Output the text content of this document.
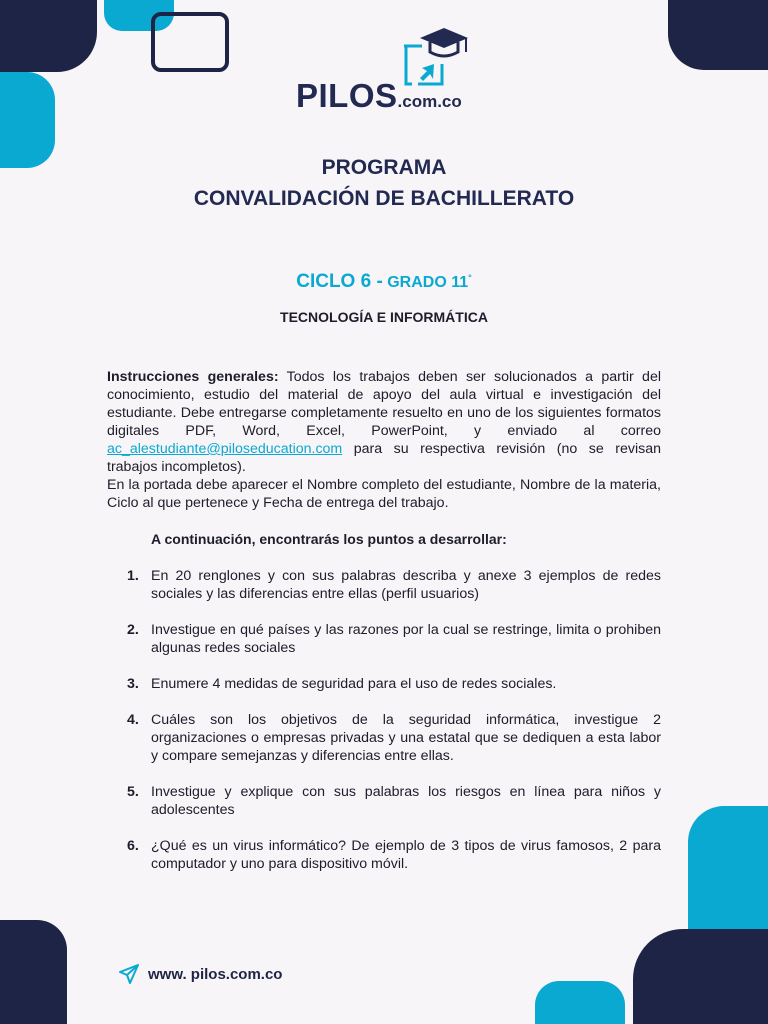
PILOS.com.co
PROGRAMA
CONVALIDACIÓN DE BACHILLERATO
CICLO 6 - GRADO 11°
TECNOLOGÍA E INFORMÁTICA
Instrucciones generales: Todos los trabajos deben ser solucionados a partir del conocimiento, estudio del material de apoyo del aula virtual e investigación del estudiante. Debe entregarse completamente resuelto en uno de los siguientes formatos digitales PDF, Word, Excel, PowerPoint, y enviado al correo ac_alestudiante@piloseducation.com para su respectiva revisión (no se revisan trabajos incompletos).
En la portada debe aparecer el Nombre completo del estudiante, Nombre de la materia, Ciclo al que pertenece y Fecha de entrega del trabajo.
A continuación, encontrarás los puntos a desarrollar:
1. En 20 renglones y con sus palabras describa y anexe 3 ejemplos de redes sociales y las diferencias entre ellas (perfil usuarios)
2. Investigue en qué países y las razones por la cual se restringe, limita o prohiben algunas redes sociales
3. Enumere 4 medidas de seguridad para el uso de redes sociales.
4. Cuáles son los objetivos de la seguridad informática, investigue 2 organizaciones o empresas privadas y una estatal que se dediquen a esta labor y compare semejanzas y diferencias entre ellas.
5. Investigue y explique con sus palabras los riesgos en línea para niños y adolescentes
6. ¿Qué es un virus informático? De ejemplo de 3 tipos de virus famosos, 2 para computador y uno para dispositivo móvil.
www. pilos.com.co
